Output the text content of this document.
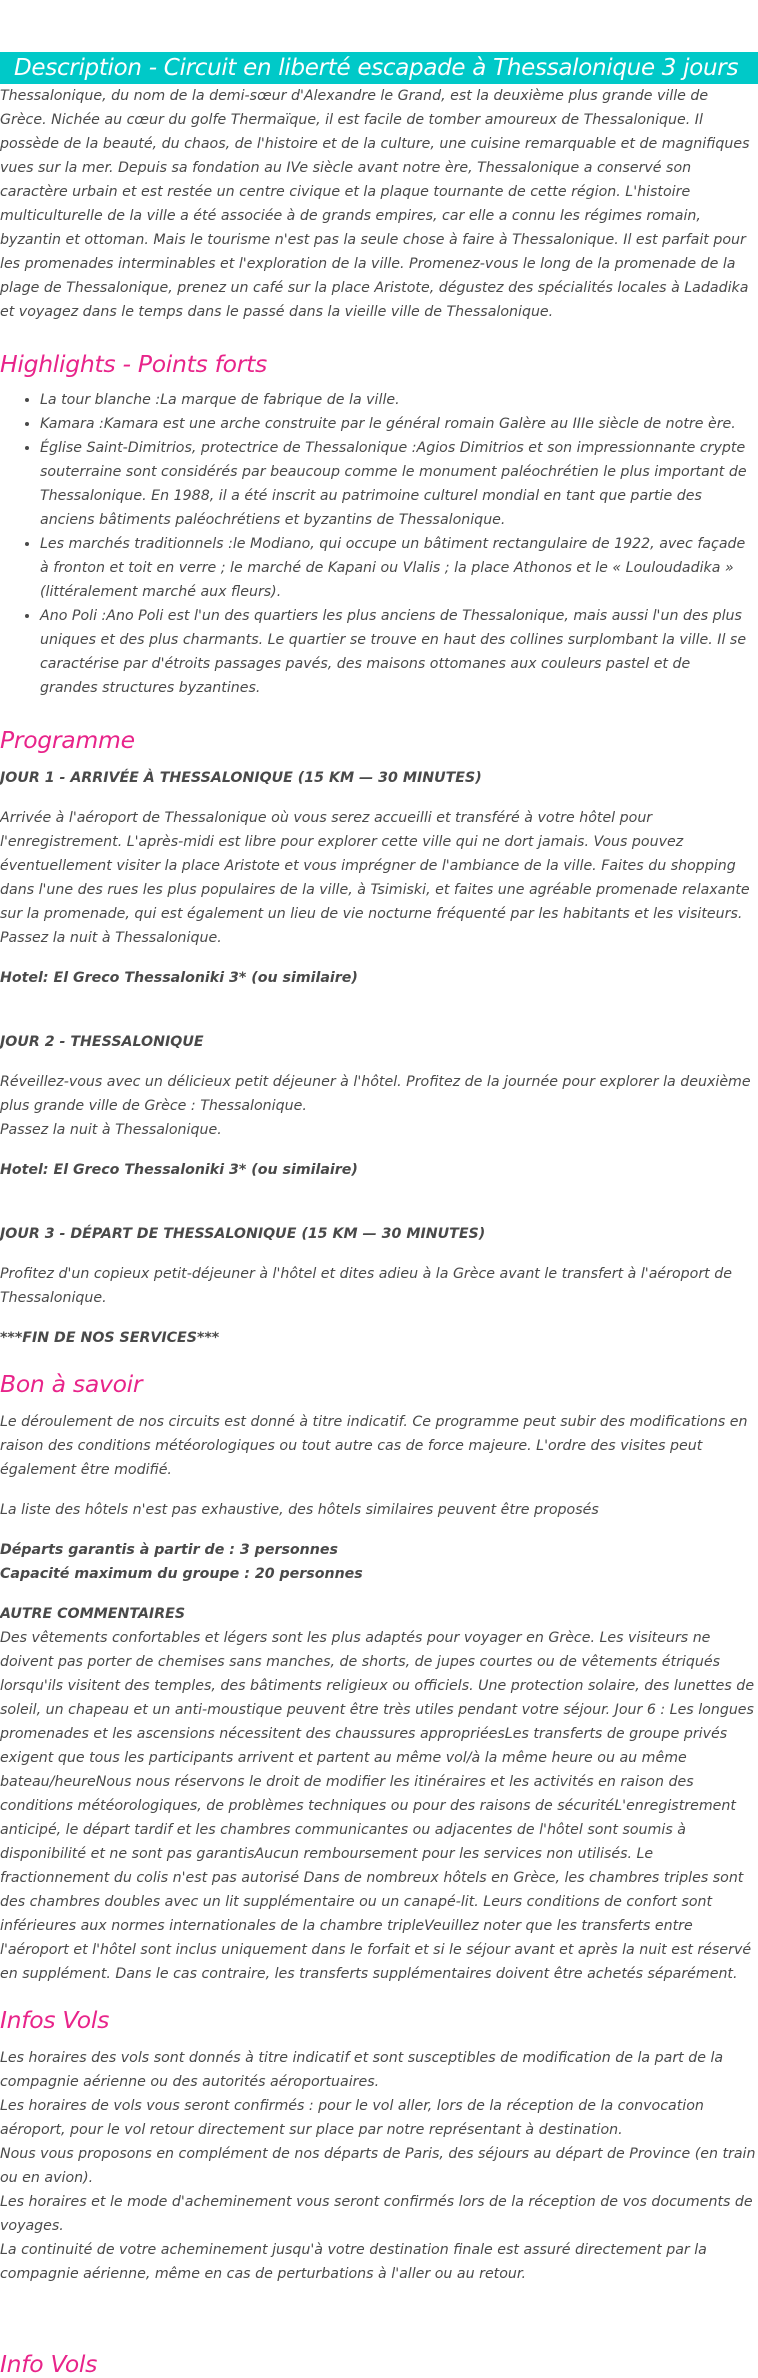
Description - Circuit en liberté escapade à Thessalonique 3 jours

Thessalonique, du nom de la demi-sœur d'Alexandre le Grand, est la deuxième plus grande ville de Grèce. Nichée au cœur du golfe Thermaïque, il est facile de tomber amoureux de Thessalonique. Il possède de la beauté, du chaos, de l'histoire et de la culture, une cuisine remarquable et de magnifiques vues sur la mer. Depuis sa fondation au IVe siècle avant notre ère, Thessalonique a conservé son caractère urbain et est restée un centre civique et la plaque tournante de cette région. L'histoire multiculturelle de la ville a été associée à de grands empires, car elle a connu les régimes romain, byzantin et ottoman. Mais le tourisme n'est pas la seule chose à faire à Thessalonique. Il est parfait pour les promenades interminables et l'exploration de la ville. Promenez-vous le long de la promenade de la plage de Thessalonique, prenez un café sur la place Aristote, dégustez des spécialités locales à Ladadika et voyagez dans le temps dans le passé dans la vieille ville de Thessalonique.

Highlights - Points forts
• La tour blanche :La marque de fabrique de la ville.
• Kamara :Kamara est une arche construite par le général romain Galère au IIIe siècle de notre ère.
• Église Saint-Dimitrios, protectrice de Thessalonique :Agios Dimitrios et son impressionnante crypte souterraine sont considérés par beaucoup comme le monument paléochrétien le plus important de Thessalonique. En 1988, il a été inscrit au patrimoine culturel mondial en tant que partie des anciens bâtiments paléochrétiens et byzantins de Thessalonique.
• Les marchés traditionnels :le Modiano, qui occupe un bâtiment rectangulaire de 1922, avec façade à fronton et toit en verre ; le marché de Kapani ou Vlalis ; la place Athonos et le « Louloudadika » (littéralement marché aux fleurs).
• Ano Poli :Ano Poli est l'un des quartiers les plus anciens de Thessalonique, mais aussi l'un des plus uniques et des plus charmants. Le quartier se trouve en haut des collines surplombant la ville. Il se caractérise par d'étroits passages pavés, des maisons ottomanes aux couleurs pastel et de grandes structures byzantines.
Programme

JOUR 1 - ARRIVÉE À THESSALONIQUE (15 KM — 30 MINUTES)

Arrivée à l'aéroport de Thessalonique où vous serez accueilli et transféré à votre hôtel pour l'enregistrement. L'après-midi est libre pour explorer cette ville qui ne dort jamais. Vous pouvez éventuellement visiter la place Aristote et vous imprégner de l'ambiance de la ville. Faites du shopping dans l'une des rues les plus populaires de la ville, à Tsimiski, et faites une agréable promenade relaxante sur la promenade, qui est également un lieu de vie nocturne fréquenté par les habitants et les visiteurs.

Passez la nuit à Thessalonique.

Hotel: El Greco Thessaloniki 3* (ou similaire)

JOUR 2 - THESSALONIQUE

Réveillez-vous avec un délicieux petit déjeuner à l'hôtel. Profitez de la journée pour explorer la deuxième plus grande ville de Grèce : Thessalonique.

Passez la nuit à Thessalonique.

Hotel: El Greco Thessaloniki 3* (ou similaire)

JOUR 3 - DÉPART DE THESSALONIQUE (15 KM — 30 MINUTES)

Profitez d'un copieux petit-déjeuner à l'hôtel et dites adieu à la Grèce avant le transfert à l'aéroport de Thessalonique.

***FIN DE NOS SERVICES***

Bon à savoir

Le déroulement de nos circuits est donné à titre indicatif. Ce programme peut subir des modifications en raison des conditions météorologiques ou tout autre cas de force majeure. L'ordre des visites peut également être modifié.

La liste des hôtels n'est pas exhaustive, des hôtels similaires peuvent être proposés

Départs garantis à partir de : 3 personnes

Capacité maximum du groupe : 20 personnes

AUTRE COMMENTAIRES

Des vêtements confortables et légers sont les plus adaptés pour voyager en Grèce. Les visiteurs ne doivent pas porter de chemises sans manches, de shorts, de jupes courtes ou de vêtements étriqués lorsqu'ils visitent des temples, des bâtiments religieux ou officiels. Une protection solaire, des lunettes de soleil, un chapeau et un anti-moustique peuvent être très utiles pendant votre séjour. Jour 6 : Les longues promenades et les ascensions nécessitent des chaussures appropriéesLes transferts de groupe privés exigent que tous les participants arrivent et partent au même vol/à la même heure ou au même bateau/heureNous nous réservons le droit de modifier les itinéraires et les activités en raison des conditions météorologiques, de problèmes techniques ou pour des raisons de sécuritéL'enregistrement anticipé, le départ tardif et les chambres communicantes ou adjacentes de l'hôtel sont soumis à disponibilité et ne sont pas garantisAucun remboursement pour les services non utilisés. Le fractionnement du colis n'est pas autorisé Dans de nombreux hôtels en Grèce, les chambres triples sont des chambres doubles avec un lit supplémentaire ou un canapé-lit. Leurs conditions de confort sont inférieures aux normes internationales de la chambre tripleVeuillez noter que les transferts entre l'aéroport et l'hôtel sont inclus uniquement dans le forfait et si le séjour avant et après la nuit est réservé en supplément. Dans le cas contraire, les transferts supplémentaires doivent être achetés séparément.

Infos Vols

Les horaires des vols sont donnés à titre indicatif et sont susceptibles de modification de la part de la compagnie aérienne ou des autorités aéroportuaires.

Les horaires de vols vous seront confirmés : pour le vol aller, lors de la réception de la convocation aéroport, pour le vol retour directement sur place par notre représentant à destination.

Nous vous proposons en complément de nos départs de Paris, des séjours au départ de Province (en train ou en avion).

Les horaires et le mode d'acheminement vous seront confirmés lors de la réception de vos documents de voyages.

La continuité de votre acheminement jusqu'à votre destination finale est assuré directement par la compagnie aérienne, même en cas de perturbations à l'aller ou au retour.

Info Vols
